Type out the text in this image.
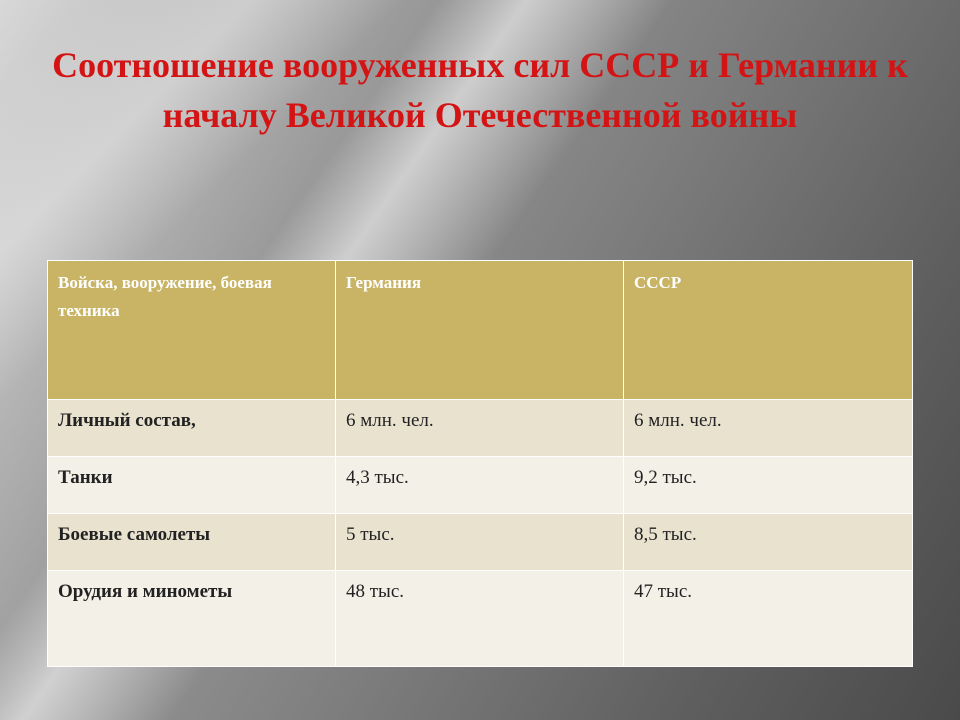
Соотношение вооруженных сил СССР и Германии к началу Великой Отечественной войны
Войска, вооружение, боевая техника	Германия	СССР
Личный состав,	6 млн. чел.	6 млн. чел.
Танки	4,3 тыс.	9,2 тыс.
Боевые самолеты	5 тыс.	8,5 тыс.
Орудия и минометы	48 тыс.	47 тыс.
